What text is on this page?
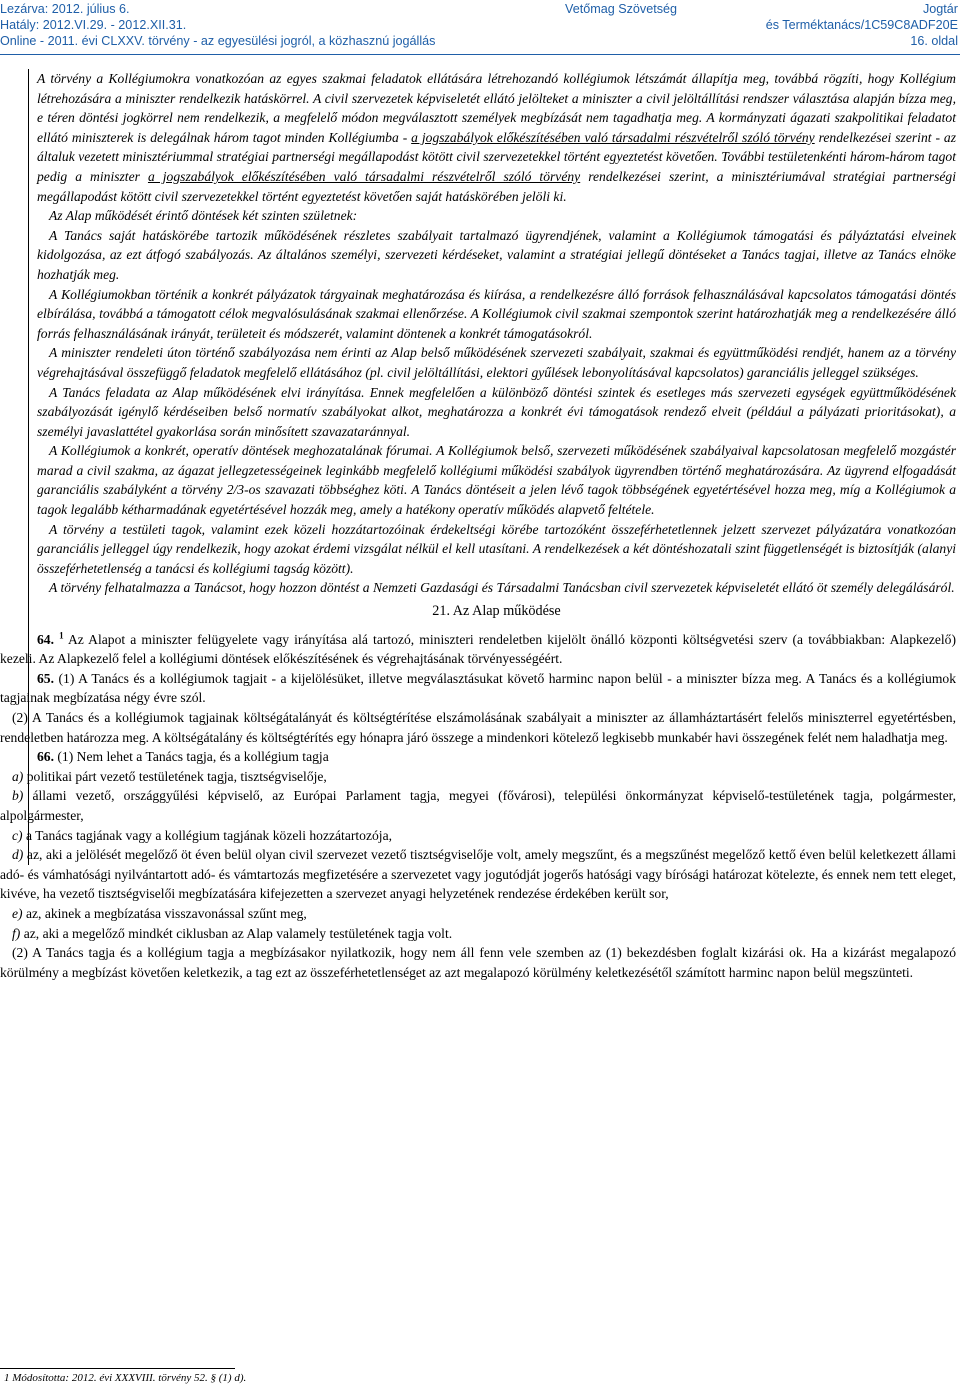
Lezárva: 2012. július 6.
Hatály: 2012.VI.29. - 2012.XII.31.
Online - 2011. évi CLXXV. törvény - az egyesülési jogról, a közhasznú jogállás
Vetőmag Szövetség	Jogtár
és Terméktanács/1C59C8ADF20E
16. oldal

A törvény a Kollégiumokra vonatkozóan az egyes szakmai feladatok ellátására létrehozandó kollégiumok létszámát állapítja meg, továbbá rögzíti, hogy Kollégium létrehozására a miniszter rendelkezik hatáskörrel. A civil szervezetek képviseletét ellátó jelölteket a miniszter a civil jelöltállítási rendszer választása alapján bízza meg, e téren döntési jogkörrel nem rendelkezik, a megfelelő módon megválasztott személyek megbízását nem tagadhatja meg. A kormányzati ágazati szakpolitikai feladatot ellátó miniszterek is delegálnak három tagot minden Kollégiumba - a jogszabályok előkészítésében való társadalmi részvételről szóló törvény rendelkezései szerint - az általuk vezetett minisztériummal stratégiai partnerségi megállapodást kötött civil szervezetekkel történt egyeztetést követően. További testületenkénti három-három tagot pedig a miniszter a jogszabályok előkészítésében való társadalmi részvételről szóló törvény rendelkezései szerint, a minisztériumával stratégiai partnerségi megállapodást kötött civil szervezetekkel történt egyeztetést követően saját hatáskörében jelöli ki.

Az Alap működését érintő döntések két szinten születnek:

A Tanács saját hatáskörébe tartozik működésének részletes szabályait tartalmazó ügyrendjének, valamint a Kollégiumok támogatási és pályáztatási elveinek kidolgozása, az ezt átfogó szabályozás. Az általános személyi, szervezeti kérdéseket, valamint a stratégiai jellegű döntéseket a Tanács tagjai, illetve az Tanács elnöke hozhatják meg.

A Kollégiumokban történik a konkrét pályázatok tárgyainak meghatározása és kiírása, a rendelkezésre álló források felhasználásával kapcsolatos támogatási döntés elbírálása, továbbá a támogatott célok megvalósulásának szakmai ellenőrzése. A Kollégiumok civil szakmai szempontok szerint határozhatják meg a rendelkezésére álló forrás felhasználásának irányát, területeit és módszerét, valamint döntenek a konkrét támogatásokról.

A miniszter rendeleti úton történő szabályozása nem érinti az Alap belső működésének szervezeti szabályait, szakmai és együttműködési rendjét, hanem az a törvény végrehajtásával összefüggő feladatok megfelelő ellátásához (pl. civil jelöltállítási, elektori gyűlések lebonyolításával kapcsolatos) garanciális jelleggel szükséges.

A Tanács feladata az Alap működésének elvi irányítása. Ennek megfelelően a különböző döntési szintek és esetleges más szervezeti egységek együttműködésének szabályozását igénylő kérdéseiben belső normatív szabályokat alkot, meghatározza a konkrét évi támogatások rendező elveit (például a pályázati prioritásokat), a személyi javaslattétel gyakorlása során minősített szavazataránnyal.

A Kollégiumok a konkrét, operatív döntések meghozatalának fórumai. A Kollégiumok belső, szervezeti működésének szabályaival kapcsolatosan megfelelő mozgástér marad a civil szakma, az ágazat jellegzetességeinek leginkább megfelelő kollégiumi működési szabályok ügyrendben történő meghatározására. Az ügyrend elfogadását garanciális szabályként a törvény 2/3-os szavazati többséghez köti. A Tanács döntéseit a jelen lévő tagok többségének egyetértésével hozza meg, míg a Kollégiumok a tagok legalább kétharmadának egyetértésével hozzák meg, amely a hatékony operatív működés alapvető feltétele.

A törvény a testületi tagok, valamint ezek közeli hozzátartozóinak érdekeltségi körébe tartozóként összeférhetetlennek jelzett szervezet pályázatára vonatkozóan garanciális jelleggel úgy rendelkezik, hogy azokat érdemi vizsgálat nélkül el kell utasítani. A rendelkezések a két döntéshozatali szint függetlenségét is biztosítják (alanyi összeférhetetlenség a tanácsi és kollégiumi tagság között).

A törvény felhatalmazza a Tanácsot, hogy hozzon döntést a Nemzeti Gazdasági és Társadalmi Tanácsban civil szervezetek képviseletét ellátó öt személy delegálásáról.

21. Az Alap működése

64. $^1$ Az Alapot a miniszter felügyelete vagy irányítása alá tartozó, miniszteri rendeletben kijelölt önálló központi költségvetési szerv (a továbbiakban: Alapkezelő) kezeli. Az Alapkezelő felel a kollégiumi döntések előkészítésének és végrehajtásának törvényességéért.

65. (1) A Tanács és a kollégiumok tagjait - a kijelölésüket, illetve megválasztásukat követő harminc napon belül - a miniszter bízza meg. A Tanács és a kollégiumok tagjainak megbízatása négy évre szól.

(2) A Tanács és a kollégiumok tagjainak költségátalányát és költségtérítése elszámolásának szabályait a miniszter az államháztartásért felelős miniszterrel egyetértésben, rendeletben határozza meg. A költségátalány és költségtérítés egy hónapra járó összege a mindenkori kötelező legkisebb munkabér havi összegének felét nem haladhatja meg.

66. (1) Nem lehet a Tanács tagja, és a kollégium tagja

a) politikai párt vezető testületének tagja, tisztségviselője,

b) állami vezető, országgyűlési képviselő, az Európai Parlament tagja, megyei (fővárosi), települési önkormányzat képviselő-testületének tagja, polgármester, alpolgármester,

c) a Tanács tagjának vagy a kollégium tagjának közeli hozzátartozója,

d) az, aki a jelölését megelőző öt éven belül olyan civil szervezet vezető tisztségviselője volt, amely megszűnt, és a megszűnést megelőző kettő éven belül keletkezett állami adó- és vámhatósági nyilvántartott adó- és vámtartozás megfizetésére a szervezetet vagy jogutódját jogerős hatósági vagy bírósági határozat kötelezte, és ennek nem tett eleget, kivéve, ha vezető tisztségviselői megbízatására kifejezetten a szervezet anyagi helyzetének rendezése érdekében került sor,

e) az, akinek a megbízatása visszavonással szűnt meg,

f) az, aki a megelőző mindkét ciklusban az Alap valamely testületének tagja volt.

(2) A Tanács tagja és a kollégium tagja a megbízásakor nyilatkozik, hogy nem áll fenn vele szemben az (1) bekezdésben foglalt kizárási ok. Ha a kizárást megalapozó körülmény a megbízást követően keletkezik, a tag ezt az összeférhetetlenséget az azt megalapozó körülmény keletkezésétől számított harminc napon belül megszünteti.

1 Módosította: 2012. évi XXXVIII. törvény 52. § (1) d).
